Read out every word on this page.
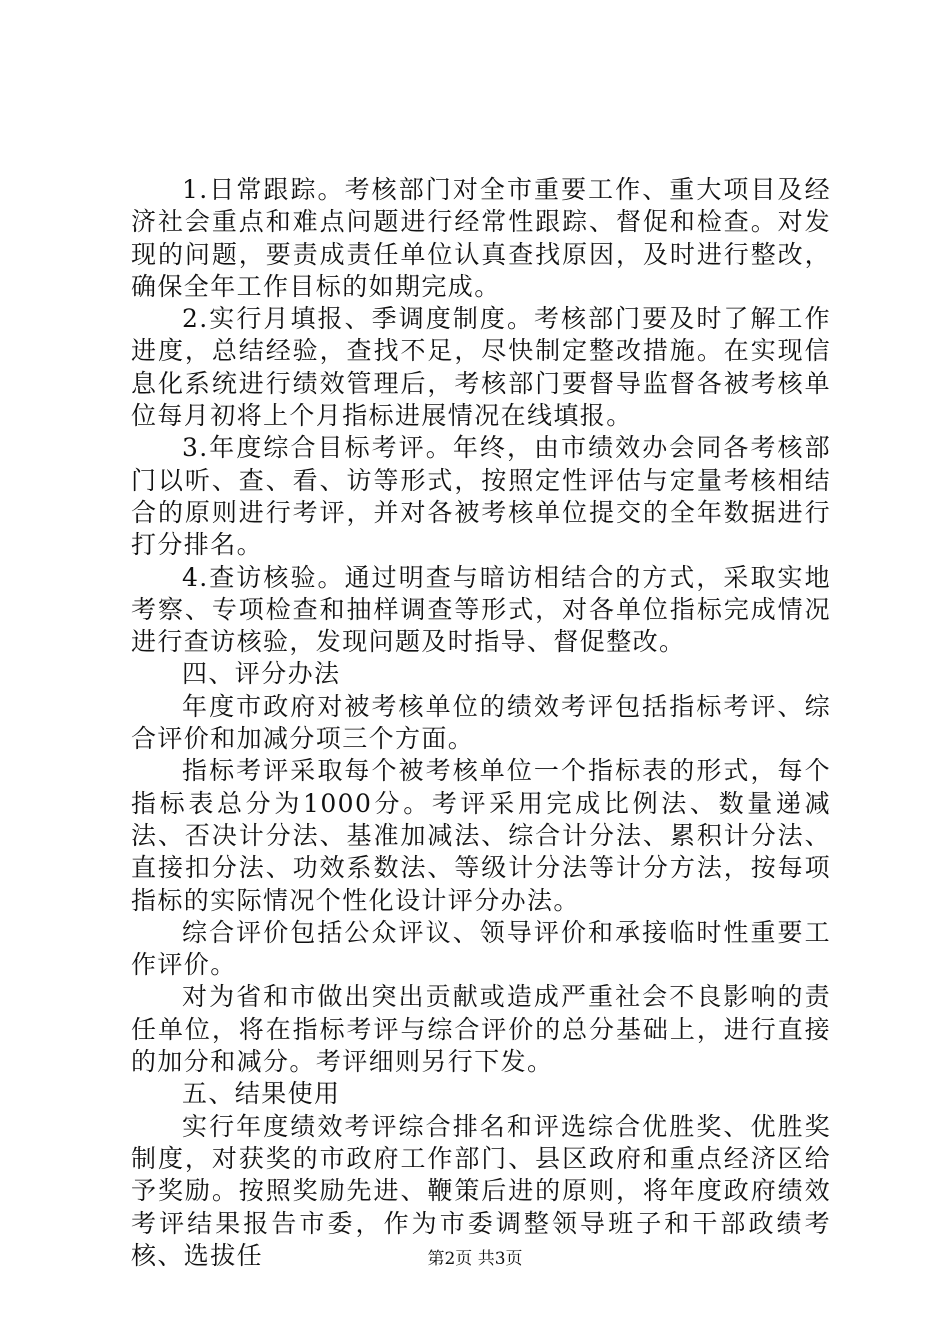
1.日常跟踪。考核部门对全市重要工作、重大项目及经济社会重点和难点问题进行经常性跟踪、督促和检查。对发现的问题，要责成责任单位认真查找原因，及时进行整改，确保全年工作目标的如期完成。

2.实行月填报、季调度制度。考核部门要及时了解工作进度，总结经验，查找不足，尽快制定整改措施。在实现信息化系统进行绩效管理后，考核部门要督导监督各被考核单位每月初将上个月指标进展情况在线填报。

3.年度综合目标考评。年终，由市绩效办会同各考核部门以听、查、看、访等形式，按照定性评估与定量考核相结合的原则进行考评，并对各被考核单位提交的全年数据进行打分排名。

4.查访核验。通过明查与暗访相结合的方式，采取实地考察、专项检查和抽样调查等形式，对各单位指标完成情况进行查访核验，发现问题及时指导、督促整改。

四、评分办法

年度市政府对被考核单位的绩效考评包括指标考评、综合评价和加减分项三个方面。

指标考评采取每个被考核单位一个指标表的形式，每个指标表总分为1000分。考评采用完成比例法、数量递减法、否决计分法、基准加减法、综合计分法、累积计分法、直接扣分法、功效系数法、等级计分法等计分方法，按每项指标的实际情况个性化设计评分办法。

综合评价包括公众评议、领导评价和承接临时性重要工作评价。

对为省和市做出突出贡献或造成严重社会不良影响的责任单位，将在指标考评与综合评价的总分基础上，进行直接的加分和减分。考评细则另行下发。

五、结果使用

实行年度绩效考评综合排名和评选综合优胜奖、优胜奖制度，对获奖的市政府工作部门、县区政府和重点经济区给予奖励。按照奖励先进、鞭策后进的原则，将年度政府绩效考评结果报告市委，作为市委调整领导班子和干部政绩考核、选拔任	第2页 共3页
